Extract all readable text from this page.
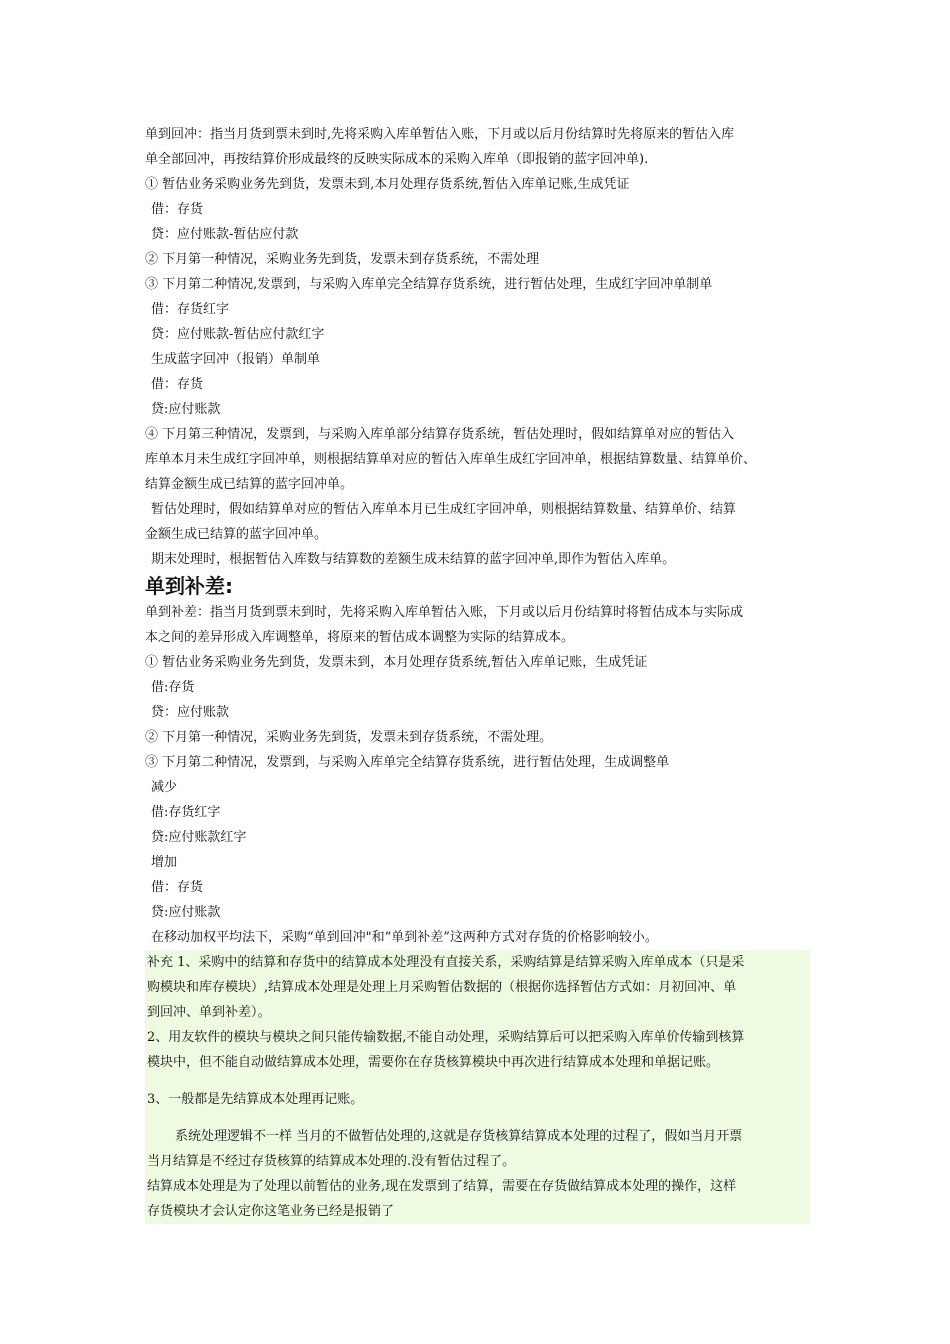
单到回冲：指当月货到票未到时,先将采购入库单暂估入账，下月或以后月份结算时先将原来的暂估入库
单全部回冲，再按结算价形成最终的反映实际成本的采购入库单（即报销的蓝字回冲单).
① 暂估业务采购业务先到货，发票未到,本月处理存货系统,暂估入库单记账,生成凭证
借：存货
贷：应付账款-暂估应付款
② 下月第一种情况，采购业务先到货，发票未到存货系统，不需处理
③ 下月第二种情况,发票到，与采购入库单完全结算存货系统，进行暂估处理，生成红字回冲单制单
借：存货红字
贷：应付账款-暂估应付款红字
生成蓝字回冲（报销）单制单
借：存货
贷:应付账款
④ 下月第三种情况，发票到，与采购入库单部分结算存货系统，暂估处理时，假如结算单对应的暂估入
库单本月未生成红字回冲单，则根据结算单对应的暂估入库单生成红字回冲单，根据结算数量、结算单价、
结算金额生成已结算的蓝字回冲单。
暂估处理时，假如结算单对应的暂估入库单本月已生成红字回冲单，则根据结算数量、结算单价、结算
金额生成已结算的蓝字回冲单。
期末处理时，根据暂估入库数与结算数的差额生成未结算的蓝字回冲单,即作为暂估入库单。
单到补差:
单到补差：指当月货到票未到时，先将采购入库单暂估入账，下月或以后月份结算时将暂估成本与实际成
本之间的差异形成入库调整单，将原来的暂估成本调整为实际的结算成本。
① 暂估业务采购业务先到货，发票未到，本月处理存货系统,暂估入库单记账，生成凭证
借:存货
贷：应付账款
② 下月第一种情况，采购业务先到货，发票未到存货系统，不需处理。
③ 下月第二种情况，发票到，与采购入库单完全结算存货系统，进行暂估处理，生成调整单
减少
借:存货红字
贷:应付账款红字
增加
借：存货
贷:应付账款
在移动加权平均法下，采购“单到回冲"和“单到补差”这两种方式对存货的价格影响较小。
补充 1、采购中的结算和存货中的结算成本处理没有直接关系，采购结算是结算采购入库单成本（只是采
购模块和库存模块）,结算成本处理是处理上月采购暂估数据的（根据你选择暂估方式如：月初回冲、单
到回冲、单到补差）。
2、用友软件的模块与模块之间只能传输数据,不能自动处理，采购结算后可以把采购入库单价传输到核算
模块中，但不能自动做结算成本处理，需要你在存货核算模块中再次进行结算成本处理和单据记账。
3、一般都是先结算成本处理再记账。
系统处理逻辑不一样 当月的不做暂估处理的,这就是存货核算结算成本处理的过程了，假如当月开票
当月结算是不经过存货核算的结算成本处理的.没有暂估过程了。
结算成本处理是为了处理以前暂估的业务,现在发票到了结算，需要在存货做结算成本处理的操作，这样
存货模块才会认定你这笔业务已经是报销了
